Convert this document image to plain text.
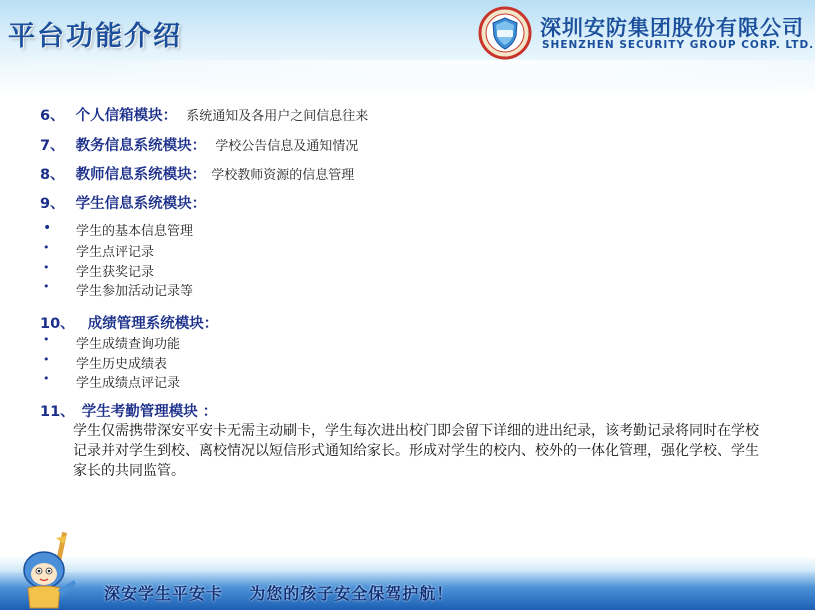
平台功能介绍	深圳安防集团股份有限公司
SHENZHEN SECURITY GROUP CORP. LTD.
6、 个人信箱模块： 系统通知及各用户之间信息往来
7、 教务信息系统模块： 学校公告信息及通知情况
8、 教师信息系统模块： 学校教师资源的信息管理
9、 学生信息系统模块：
• 学生的基本信息管理
• 学生点评记录
• 学生获奖记录
• 学生参加活动记录等
10、 成绩管理系统模块：
• 学生成绩查询功能
• 学生历史成绩表
• 学生成绩点评记录
11、 学生考勤管理模块 ：
学生仅需携带深安平安卡无需主动刷卡，学生每次进出校门即会留下详细的进出纪录，该考勤记录将同时在学校记录并对学生到校、离校情况以短信形式通知给家长。形成对学生的校内、校外的一体化管理，强化学校、学生家长的共同监管。
深安学生平安卡    为您的孩子安全保驾护航！
